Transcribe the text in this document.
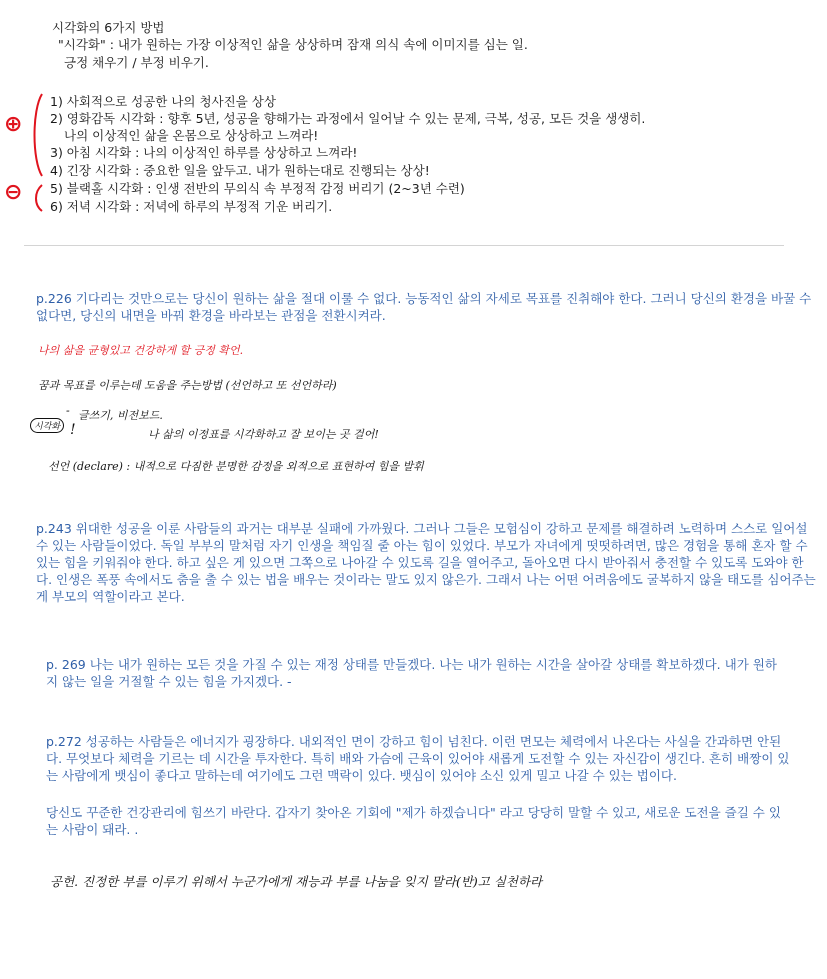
시각화의 6가지 방법
"시각화" : 내가 원하는 가장 이상적인 삶을 상상하며 잠재 의식 속에 이미지를 심는 일.
긍정 채우기 / 부정 비우기.
⊕
⊖
1) 사회적으로 성공한 나의 청사진을 상상
2) 영화감독 시각화 : 향후 5년, 성공을 향해가는 과정에서 일어날 수 있는 문제, 극복, 성공, 모든 것을 생생히.
나의 이상적인 삶을 온몸으로 상상하고 느껴라!
3) 아침 시각화 : 나의 이상적인 하루를 상상하고 느껴라!
4) 긴장 시각화 : 중요한 일을 앞두고. 내가 원하는대로 진행되는 상상!
5) 블랙홀 시각화 : 인생 전반의 무의식 속 부정적 감정 버리기 (2~3년 수련)
6) 저녁 시각화 : 저녁에 하루의 부정적 기운 버리기.
p.226 기다리는 것만으로는 당신이 원하는 삶을 절대 이룰 수 없다. 능동적인 삶의 자세로 목표를 진취해야 한다. 그러니 당신의 환경을 바꿀 수 없다면, 당신의 내면을 바꿔 환경을 바라보는 관점을 전환시켜라.
나의 삶을 균형있고 건강하게 할 긍정 확언.
꿈과 목표를 이루는데 도움을 주는방법 (선언하고 또 선언하라)
시각화 !
- 글쓰기, 비전보드.
나 삶의 이정표를 시각화하고 잘 보이는 곳 걸어!
선언 (declare) : 내적으로 다짐한 분명한 감정을 외적으로 표현하여 힘을 발휘
p.243 위대한 성공을 이룬 사람들의 과거는 대부분 실패에 가까웠다. 그러나 그들은 모험심이 강하고 문제를 해결하려 노력하며 스스로 일어설 수 있는 사람들이었다. 독일 부부의 말처럼 자기 인생을 책임질 줄 아는 힘이 있었다. 부모가 자녀에게 떳떳하려면, 많은 경험을 통해 혼자 할 수 있는 힘을 키워줘야 한다. 하고 싶은 게 있으면 그쪽으로 나아갈 수 있도록 길을 열어주고, 돌아오면 다시 받아줘서 충전할 수 있도록 도와야 한다. 인생은 폭풍 속에서도 춤을 출 수 있는 법을 배우는 것이라는 말도 있지 않은가. 그래서 나는 어떤 어려움에도 굴복하지 않을 태도를 심어주는 게 부모의 역할이라고 본다.
p. 269 나는 내가 원하는 모든 것을 가질 수 있는 재정 상태를 만들겠다. 나는 내가 원하는 시간을 살아갈 상태를 확보하겠다. 내가 원하지 않는 일을 거절할 수 있는 힘을 가지겠다. -
p.272 성공하는 사람들은 에너지가 굉장하다. 내외적인 면이 강하고 힘이 넘친다. 이런 면모는 체력에서 나온다는 사실을 간과하면 안된다. 무엇보다 체력을 기르는 데 시간을 투자한다. 특히 배와 가슴에 근육이 있어야 새롭게 도전할 수 있는 자신감이 생긴다. 흔히 배짱이 있는 사람에게 뱃심이 좋다고 말하는데 여기에도 그런 맥락이 있다. 뱃심이 있어야 소신 있게 밀고 나갈 수 있는 법이다.
당신도 꾸준한 건강관리에 힘쓰기 바란다. 갑자기 찾아온 기회에 "제가 하겠습니다" 라고 당당히 말할 수 있고, 새로운 도전을 즐길 수 있는 사람이 돼라. .
공헌. 진정한 부를 이루기 위해서 누군가에게 재능과 부를 나눔을 잊지 말라(반)고 실천하라
